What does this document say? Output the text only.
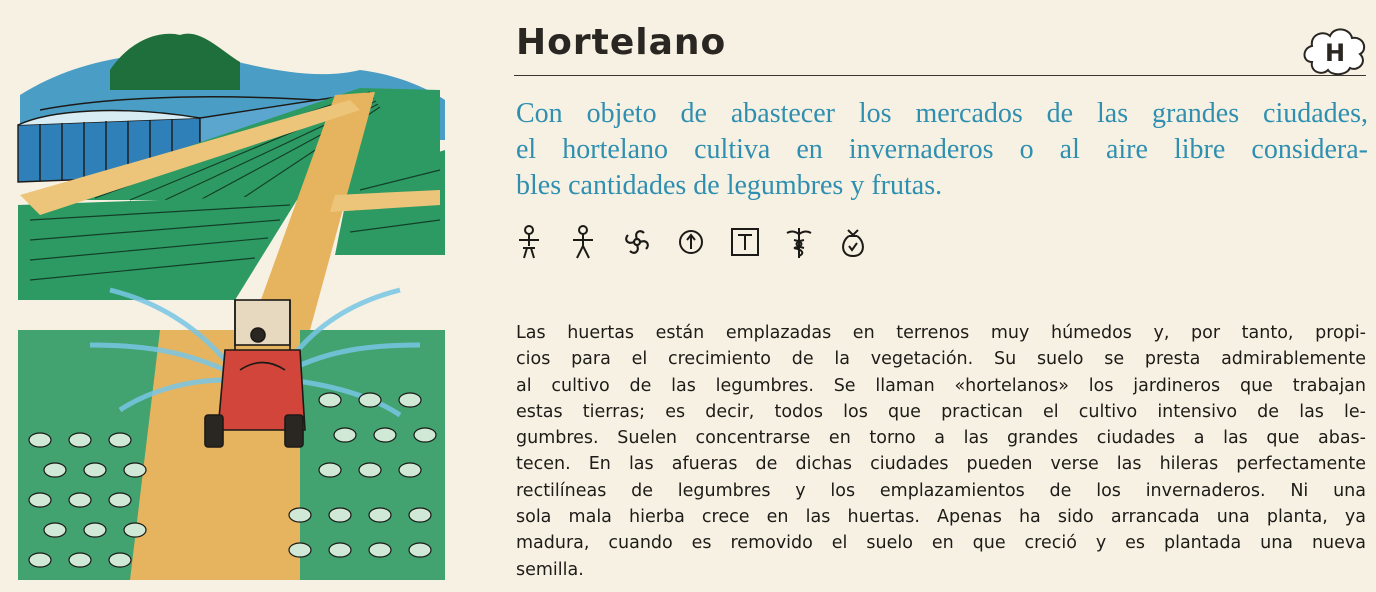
Hortelano	H

Con objeto de abastecer los mercados de las grandes ciudades,
el hortelano cultiva en invernaderos o al aire libre considera-
bles cantidades de legumbres y frutas.

Las huertas están emplazadas en terrenos muy húmedos y, por tanto, propi-
cios para el crecimiento de la vegetación. Su suelo se presta admirablemente
al cultivo de las legumbres. Se llaman «hortelanos» los jardineros que trabajan
estas tierras; es decir, todos los que practican el cultivo intensivo de las le-
gumbres. Suelen concentrarse en torno a las grandes ciudades a las que abas-
tecen. En las afueras de dichas ciudades pueden verse las hileras perfectamente
rectilíneas de legumbres y los emplazamientos de los invernaderos. Ni una
sola mala hierba crece en las huertas. Apenas ha sido arrancada una planta, ya
madura, cuando es removido el suelo en que creció y es plantada una nueva
semilla.
